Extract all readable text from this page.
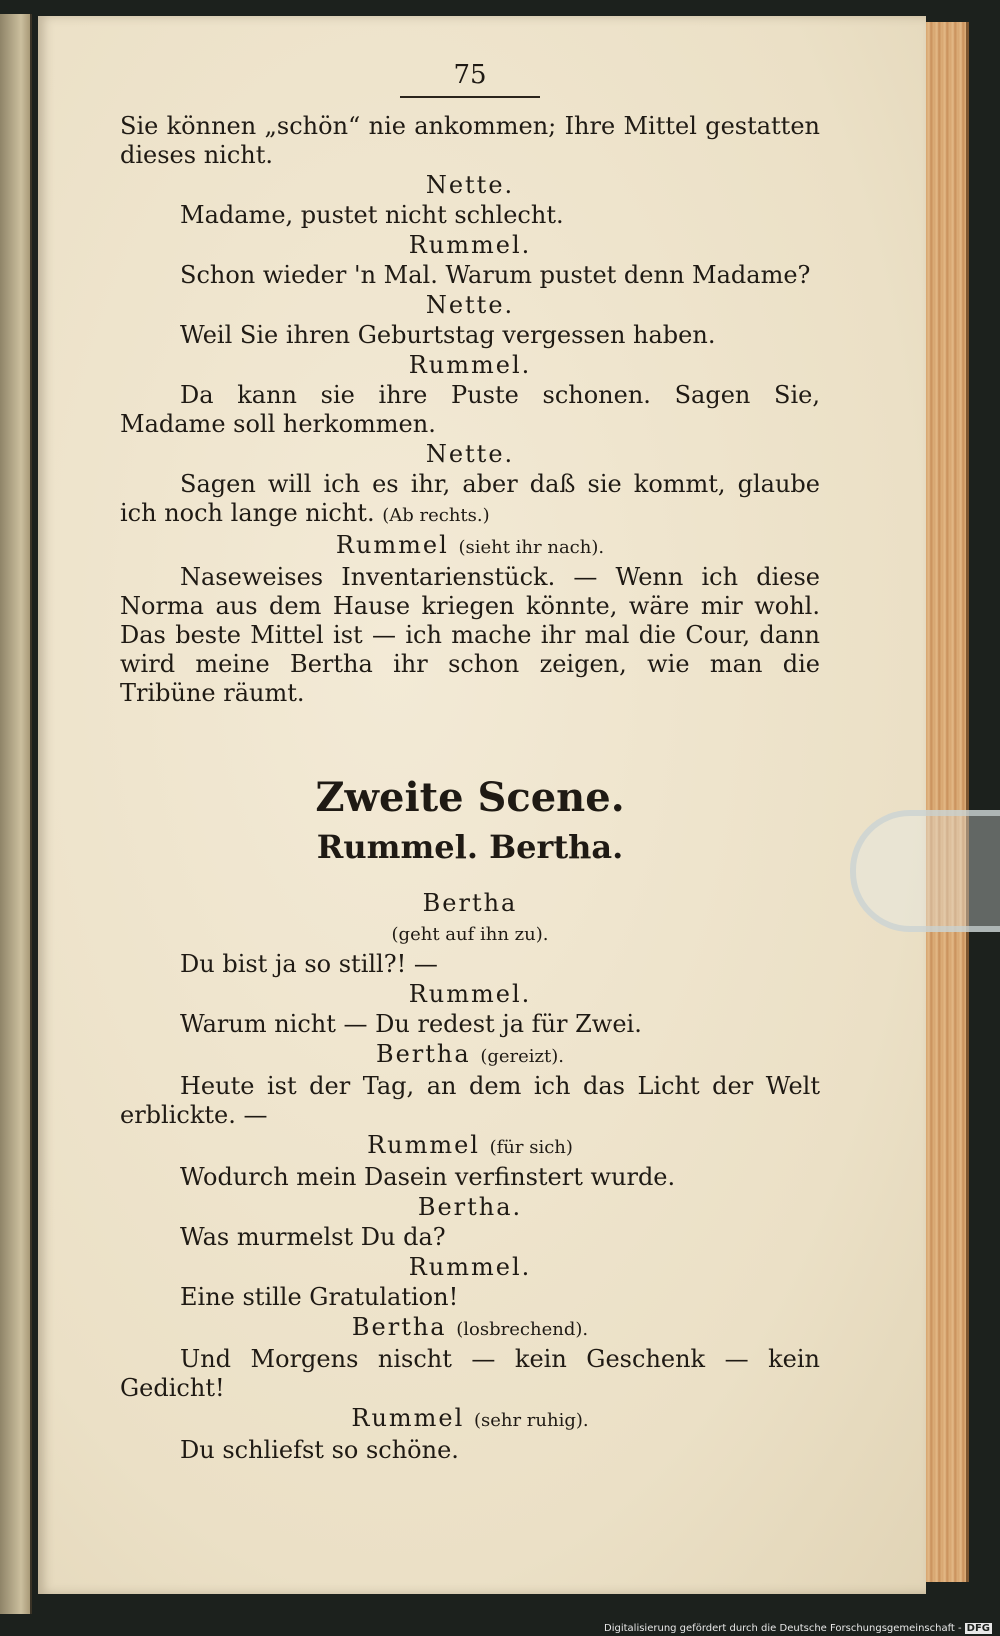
75

Sie können „schön“ nie ankommen; Ihre Mittel gestatten dieses nicht.

Nette.

Madame, pustet nicht schlecht.

Rummel.

Schon wieder 'n Mal. Warum pustet denn Madame?

Nette.

Weil Sie ihren Geburtstag vergessen haben.

Rummel.

Da kann sie ihre Puste schonen. Sagen Sie, Madame soll herkommen.

Nette.

Sagen will ich es ihr, aber daß sie kommt, glaube ich noch lange nicht. (Ab rechts.)

Rummel (sieht ihr nach).

Naseweises Inventarienstück. — Wenn ich diese Norma aus dem Hause kriegen könnte, wäre mir wohl. Das beste Mittel ist — ich mache ihr mal die Cour, dann wird meine Bertha ihr schon zeigen, wie man die Tribüne räumt.

Zweite Scene.
Rummel. Bertha.
Bertha
(geht auf ihn zu).

Du bist ja so still?! —

Rummel.

Warum nicht — Du redest ja für Zwei.

Bertha (gereizt).

Heute ist der Tag, an dem ich das Licht der Welt erblickte. —

Rummel (für sich)

Wodurch mein Dasein verfinstert wurde.

Bertha.

Was murmelst Du da?

Rummel.

Eine stille Gratulation!

Bertha (losbrechend).

Und Morgens nischt — kein Geschenk — kein Gedicht!

Rummel (sehr ruhig).

Du schliefst so schöne.

Digitalisierung gefördert durch die Deutsche Forschungsgemeinschaft - DFG
